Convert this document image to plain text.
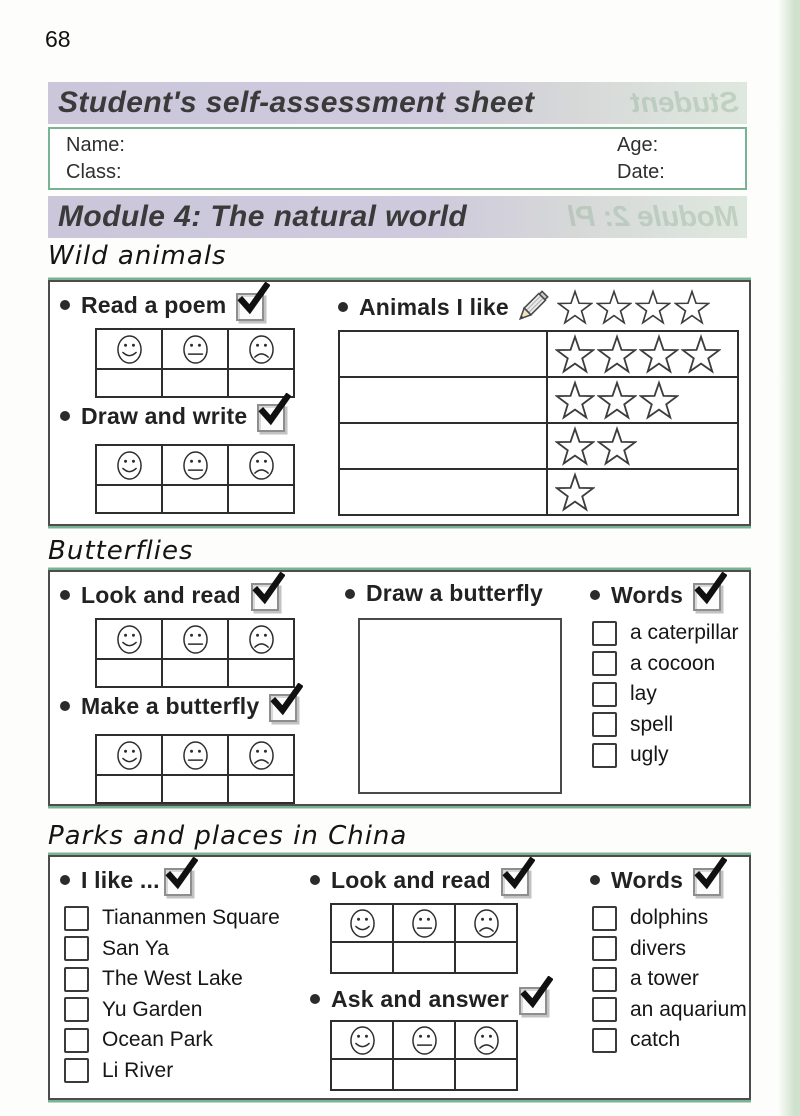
68
Student
Student's self-assessment sheet
Name:
Class:
Age:
Date:
Module 2: Pl
Module 4: The natural world
Wild animals
Read a poem
Draw and write
Animals I like
Butterflies
Look and read
Make a butterfly
Draw a butterfly	Words
a caterpillar
a cocoon
lay
spell
ugly
Parks and places in China
I like ...
Tiananmen Square
San Ya
The West Lake
Yu Garden
Ocean Park
Li River
Look and read
Ask and answer
Words
dolphins
divers
a tower
an aquarium
catch
